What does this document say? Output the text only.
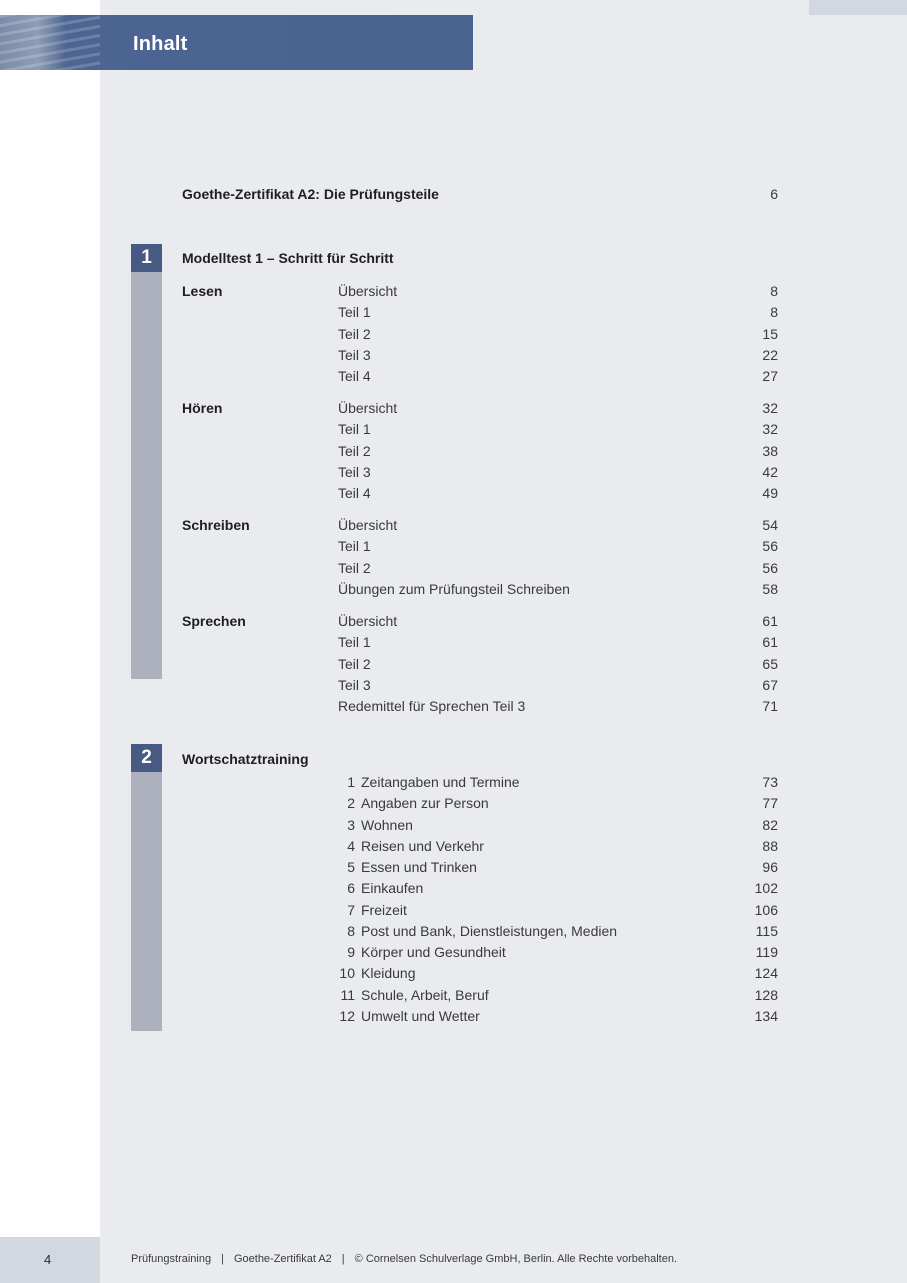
Inhalt
Goethe-Zertifikat A2: Die Prüfungsteile	6
1	Modelltest 1 – Schritt für Schritt
Lesen	Übersicht	8
Teil 1	8
Teil 2	15
Teil 3	22
Teil 4	27
Hören	Übersicht	32
Teil 1	32
Teil 2	38
Teil 3	42
Teil 4	49
Schreiben	Übersicht	54
Teil 1	56
Teil 2	56
Übungen zum Prüfungsteil Schreiben	58
Sprechen	Übersicht	61
Teil 1	61
Teil 2	65
Teil 3	67
Redemittel für Sprechen Teil 3	71
2	Wortschatztraining
1 Zeitangaben und Termine	73
2 Angaben zur Person	77
3 Wohnen	82
4 Reisen und Verkehr	88
5 Essen und Trinken	96
6 Einkaufen	102
7 Freizeit	106
8 Post und Bank, Dienstleistungen, Medien	115
9 Körper und Gesundheit	119
10 Kleidung	124
11 Schule, Arbeit, Beruf	128
12 Umwelt und Wetter	134
4	Prüfungstraining | Goethe-Zertifikat A2 | © Cornelsen Schulverlage GmbH, Berlin. Alle Rechte vorbehalten.
